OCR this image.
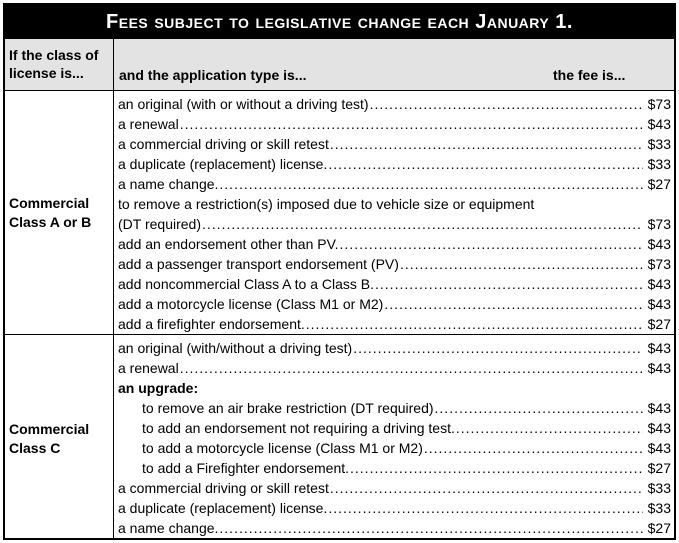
Fees subject to legislative change each January 1.
If the class of license is...	and the application type is...	the fee is...
Commercial Class A or B
an original (with or without a driving test) .....	$73
a renewal .....	$43
a commercial driving or skill retest .....	$33
a duplicate (replacement) license. .....	$33
a name change. .....	$27
to remove a restriction(s) imposed due to vehicle size or equipment
(DT required) .....	$73
add an endorsement other than PV. .....	$43
add a passenger transport endorsement (PV) .....	$73
add noncommercial Class A to a Class B. .....	$43
add a motorcycle license (Class M1 or M2) .....	$43
add a firefighter endorsement. .....	$27
Commercial Class C
an original (with/without a driving test) .....	$43
a renewal .....	$43
an upgrade:
to remove an air brake restriction (DT required) .....	$43
to add an endorsement not requiring a driving test. .....	$43
to add a motorcycle license (Class M1 or M2) .....	$43
to add a Firefighter endorsement. .....	$27
a commercial driving or skill retest .....	$33
a duplicate (replacement) license. .....	$33
a name change. .....	$27
